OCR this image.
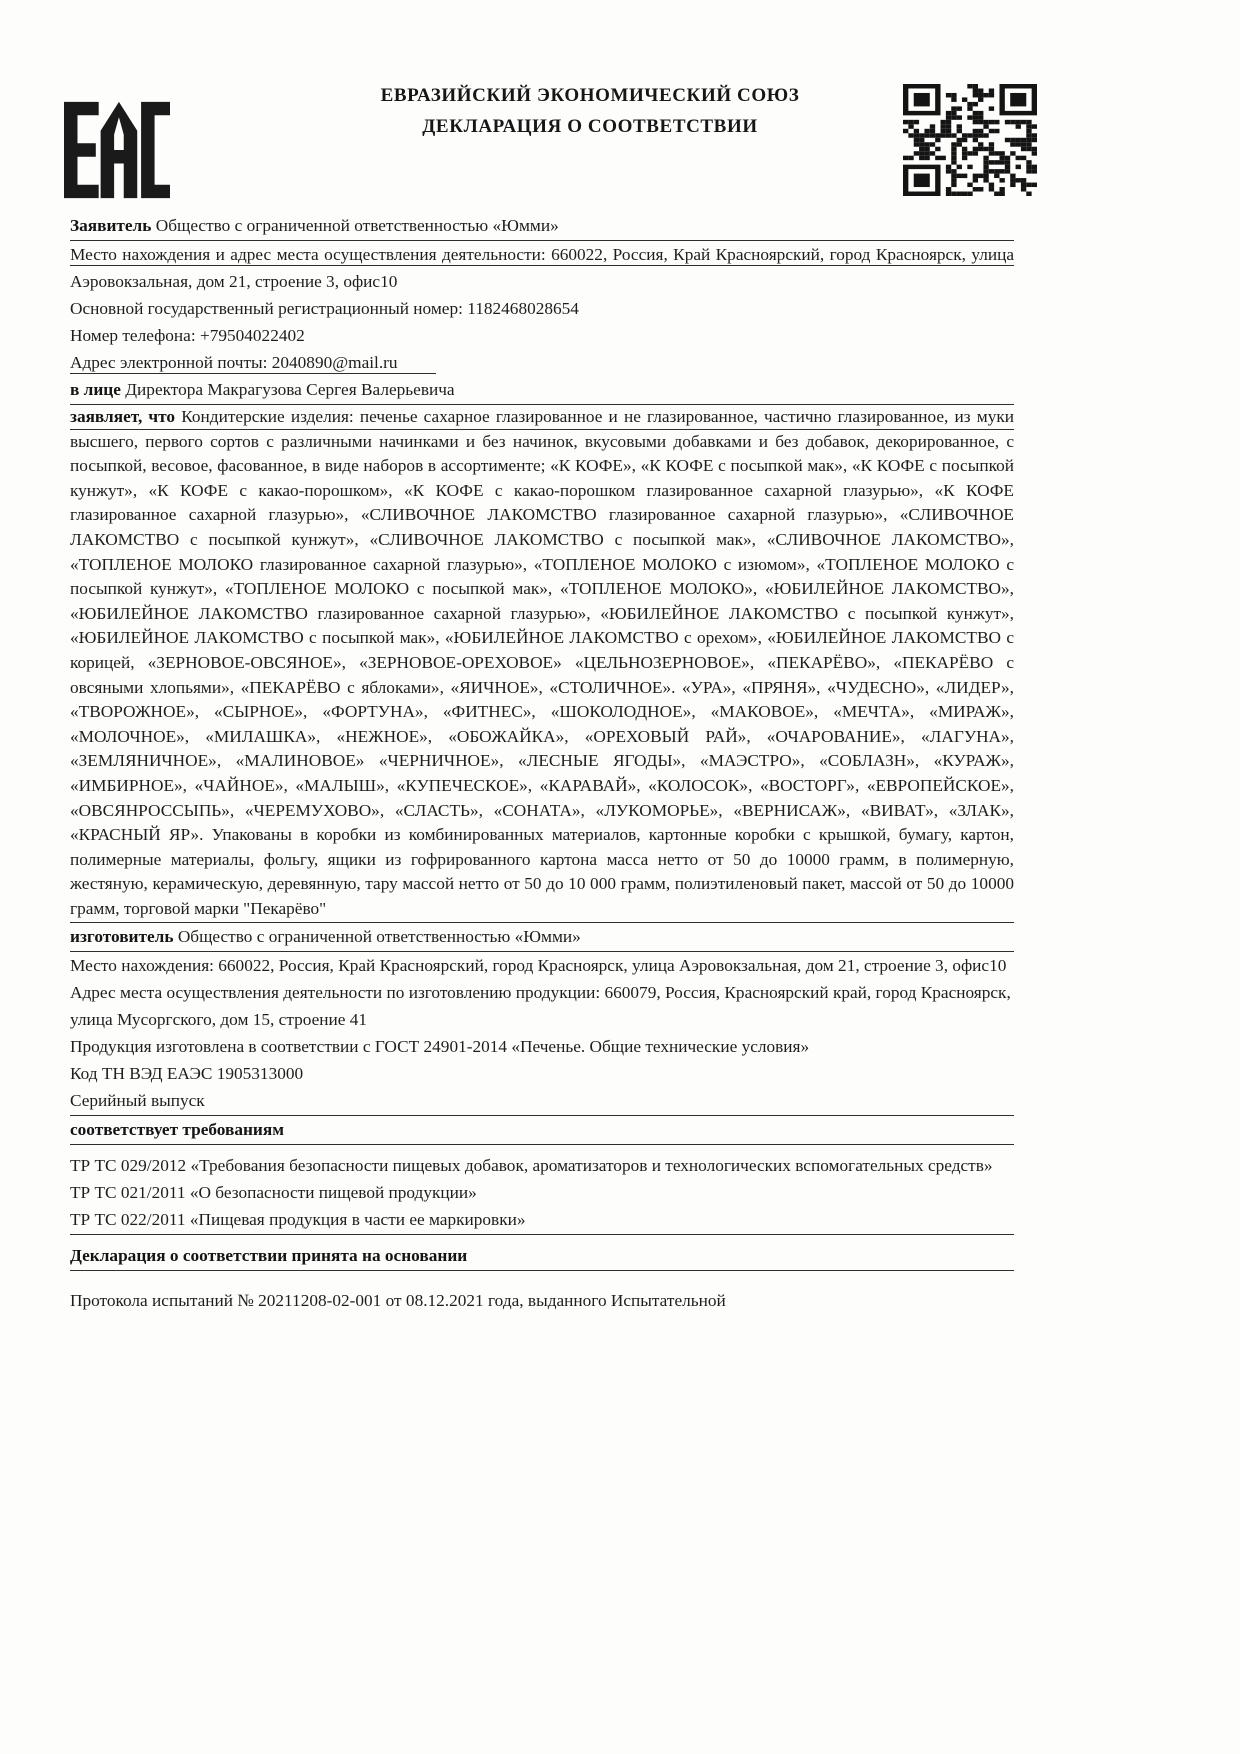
ЕВРАЗИЙСКИЙ ЭКОНОМИЧЕСКИЙ СОЮЗ
ДЕКЛАРАЦИЯ О СООТВЕТСТВИИ

Заявитель Общество с ограниченной ответственностью «Юмми»

Место нахождения и адрес места осуществления деятельности: 660022, Россия, Край Красноярский, город Красноярск, улица Аэровокзальная, дом 21, строение 3, офис10

Основной государственный регистрационный номер: 1182468028654

Номер телефона: +79504022402

Адрес электронной почты: 2040890@mail.ru

в лице Директора Макрагузова Сергея Валерьевича

заявляет, что Кондитерские изделия: печенье сахарное глазированное и не глазированное, частично глазированное, из муки высшего, первого сортов с различными начинками и без начинок, вкусовыми добавками и без добавок, декорированное, с посыпкой, весовое, фасованное, в виде наборов в ассортименте; «К КОФЕ», «К КОФЕ с посыпкой мак», «К КОФЕ с посыпкой кунжут», «К КОФЕ с какао-порошком», «К КОФЕ с какао-порошком глазированное сахарной глазурью», «К КОФЕ глазированное сахарной глазурью», «СЛИВОЧНОЕ ЛАКОМСТВО глазированное сахарной глазурью», «СЛИВОЧНОЕ ЛАКОМСТВО с посыпкой кунжут», «СЛИВОЧНОЕ ЛАКОМСТВО с посыпкой мак», «СЛИВОЧНОЕ ЛАКОМСТВО», «ТОПЛЕНОЕ МОЛОКО глазированное сахарной глазурью», «ТОПЛЕНОЕ МОЛОКО с изюмом», «ТОПЛЕНОЕ МОЛОКО с посыпкой кунжут», «ТОПЛЕНОЕ МОЛОКО с посыпкой мак», «ТОПЛЕНОЕ МОЛОКО», «ЮБИЛЕЙНОЕ ЛАКОМСТВО», «ЮБИЛЕЙНОЕ ЛАКОМСТВО глазированное сахарной глазурью», «ЮБИЛЕЙНОЕ ЛАКОМСТВО с посыпкой кунжут», «ЮБИЛЕЙНОЕ ЛАКОМСТВО с посыпкой мак», «ЮБИЛЕЙНОЕ ЛАКОМСТВО с орехом», «ЮБИЛЕЙНОЕ ЛАКОМСТВО с корицей, «ЗЕРНОВОЕ-ОВСЯНОЕ», «ЗЕРНОВОЕ-ОРЕХОВОЕ» «ЦЕЛЬНОЗЕРНОВОЕ», «ПЕКАРЁВО», «ПЕКАРЁВО с овсяными хлопьями», «ПЕКАРЁВО с яблоками», «ЯИЧНОЕ», «СТОЛИЧНОЕ». «УРА», «ПРЯНЯ», «ЧУДЕСНО», «ЛИДЕР», «ТВОРОЖНОЕ», «СЫРНОЕ», «ФОРТУНА», «ФИТНЕС», «ШОКОЛОДНОЕ», «МАКОВОЕ», «МЕЧТА», «МИРАЖ», «МОЛОЧНОЕ», «МИЛАШКА», «НЕЖНОЕ», «ОБОЖАЙКА», «ОРЕХОВЫЙ РАЙ», «ОЧАРОВАНИЕ», «ЛАГУНА», «ЗЕМЛЯНИЧНОЕ», «МАЛИНОВОЕ» «ЧЕРНИЧНОЕ», «ЛЕСНЫЕ ЯГОДЫ», «МАЭСТРО», «СОБЛАЗН», «КУРАЖ», «ИМБИРНОЕ», «ЧАЙНОЕ», «МАЛЫШ», «КУПЕЧЕСКОЕ», «КАРАВАЙ», «КОЛОСОК», «ВОСТОРГ», «ЕВРОПЕЙСКОЕ», «ОВСЯНРОССЫПЬ», «ЧЕРЕМУХОВО», «СЛАСТЬ», «СОНАТА», «ЛУКОМОРЬЕ», «ВЕРНИСАЖ», «ВИВАТ», «ЗЛАК», «КРАСНЫЙ ЯР». Упакованы в коробки из комбинированных материалов, картонные коробки с крышкой, бумагу, картон, полимерные материалы, фольгу, ящики из гофрированного картона масса нетто от 50 до 10000 грамм, в полимерную, жестяную, керамическую, деревянную, тару массой нетто от 50 до 10 000 грамм, полиэтиленовый пакет, массой от 50 до 10000 грамм, торговой марки "Пекарёво"

изготовитель Общество с ограниченной ответственностью «Юмми»

Место нахождения: 660022, Россия, Край Красноярский, город Красноярск, улица Аэровокзальная, дом 21, строение 3, офис10

Адрес места осуществления деятельности по изготовлению продукции: 660079, Россия, Красноярский край, город Красноярск, улица Мусоргского, дом 15, строение 41

Продукция изготовлена в соответствии с ГОСТ 24901-2014 «Печенье. Общие технические условия»

Код ТН ВЭД ЕАЭС 1905313000

Серийный выпуск

соответствует требованиям

ТР ТС 029/2012 «Требования безопасности пищевых добавок, ароматизаторов и технологических вспомогательных средств»

ТР ТС 021/2011 «О безопасности пищевой продукции»

ТР ТС 022/2011 «Пищевая продукция в части ее маркировки»

Декларация о соответствии принята на основании

Протокола испытаний № 20211208-02-001 от 08.12.2021 года, выданного Испытательной
